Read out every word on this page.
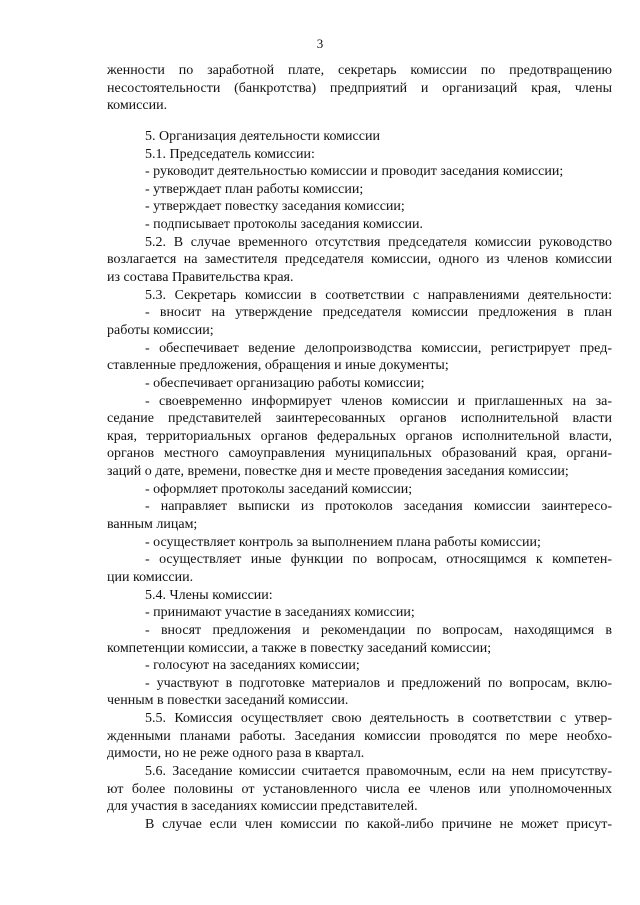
3
женности по заработной плате, секретарь комиссии по предотвращению
несостоятельности (банкротства) предприятий и организаций края, члены
комиссии.
5. Организация деятельности комиссии
5.1. Председатель комиссии:
- руководит деятельностью комиссии и проводит заседания комиссии;
- утверждает план работы комиссии;
- утверждает повестку заседания комиссии;
- подписывает протоколы заседания комиссии.
5.2. В случае временного отсутствия председателя комиссии руководство
возлагается на заместителя председателя комиссии, одного из членов комиссии
из состава Правительства края.
5.3. Секретарь комиссии в соответствии с направлениями деятельности:
- вносит на утверждение председателя комиссии предложения в план
работы комиссии;
- обеспечивает ведение делопроизводства комиссии, регистрирует пред-
ставленные предложения, обращения и иные документы;
- обеспечивает организацию работы комиссии;
- своевременно информирует членов комиссии и приглашенных на за-
седание представителей заинтересованных органов исполнительной власти
края, территориальных органов федеральных органов исполнительной власти,
органов местного самоуправления муниципальных образований края, органи-
заций о дате, времени, повестке дня и месте проведения заседания комиссии;
- оформляет протоколы заседаний комиссии;
- направляет выписки из протоколов заседания комиссии заинтересо-
ванным лицам;
- осуществляет контроль за выполнением плана работы комиссии;
- осуществляет иные функции по вопросам, относящимся к компетен-
ции комиссии.
5.4. Члены комиссии:
- принимают участие в заседаниях комиссии;
- вносят предложения и рекомендации по вопросам, находящимся в
компетенции комиссии, а также в повестку заседаний комиссии;
- голосуют на заседаниях комиссии;
- участвуют в подготовке материалов и предложений по вопросам, вклю-
ченным в повестки заседаний комиссии.
5.5. Комиссия осуществляет свою деятельность в соответствии с утвер-
жденными планами работы. Заседания комиссии проводятся по мере необхо-
димости, но не реже одного раза в квартал.
5.6. Заседание комиссии считается правомочным, если на нем присутству-
ют более половины от установленного числа ее членов или уполномоченных
для участия в заседаниях комиссии представителей.
В случае если член комиссии по какой-либо причине не может присут-
